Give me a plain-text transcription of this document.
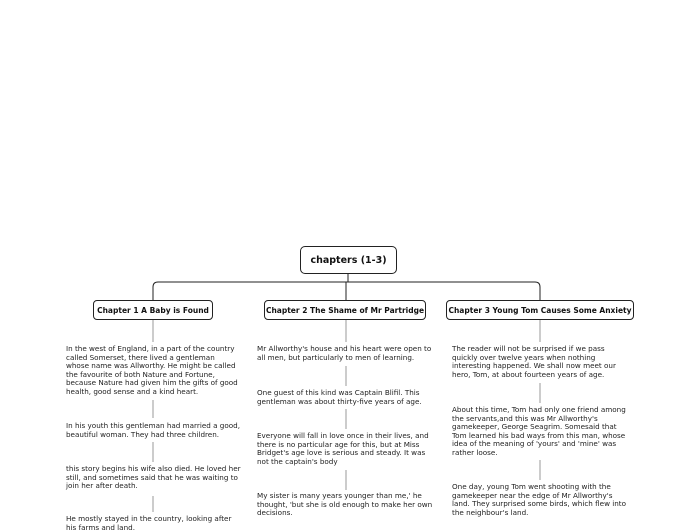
chapters (1-3)
Chapter 1 A Baby is Found	Chapter 2 The Shame of Mr Partridge	Chapter 3 Young Tom Causes Some Anxiety
In the west of England, in a part of the country called Somerset, there lived a gentleman whose name was Allworthy. He might be called the favourite of both Nature and Fortune, because Nature had given him the gifts of good health, good sense and a kind heart.
In his youth this gentleman had married a good, beautiful woman. They had three children.
this story begins his wife also died. He loved her still, and sometimes said that he was waiting to join her after death.
He mostly stayed in the country, looking after his farms and land.
Mr Allworthy's house and his heart were open to all men, but particularly to men of learning.
One guest of this kind was Captain Blifil. This gentleman was about thirty-five years of age.
Everyone will fall in love once in their lives, and there is no particular age for this, but at Miss Bridget's age love is serious and steady. It was not the captain's body
My sister is many years younger than me,' he thought, 'but she is old enough to make her own decisions.
The reader will not be surprised if we pass quickly over twelve years when nothing interesting happened. We shall now meet our hero, Tom, at about fourteen years of age.
About this time, Tom had only one friend among the servants,and this was Mr Allworthy's gamekeeper, George Seagrim. Somesaid that Tom learned his bad ways from this man, whose idea of the meaning of 'yours' and 'mine' was rather loose.
One day, young Tom went shooting with the gamekeeper near the edge of Mr Allworthy's land. They surprised some birds, which flew into the neighbour's land.
